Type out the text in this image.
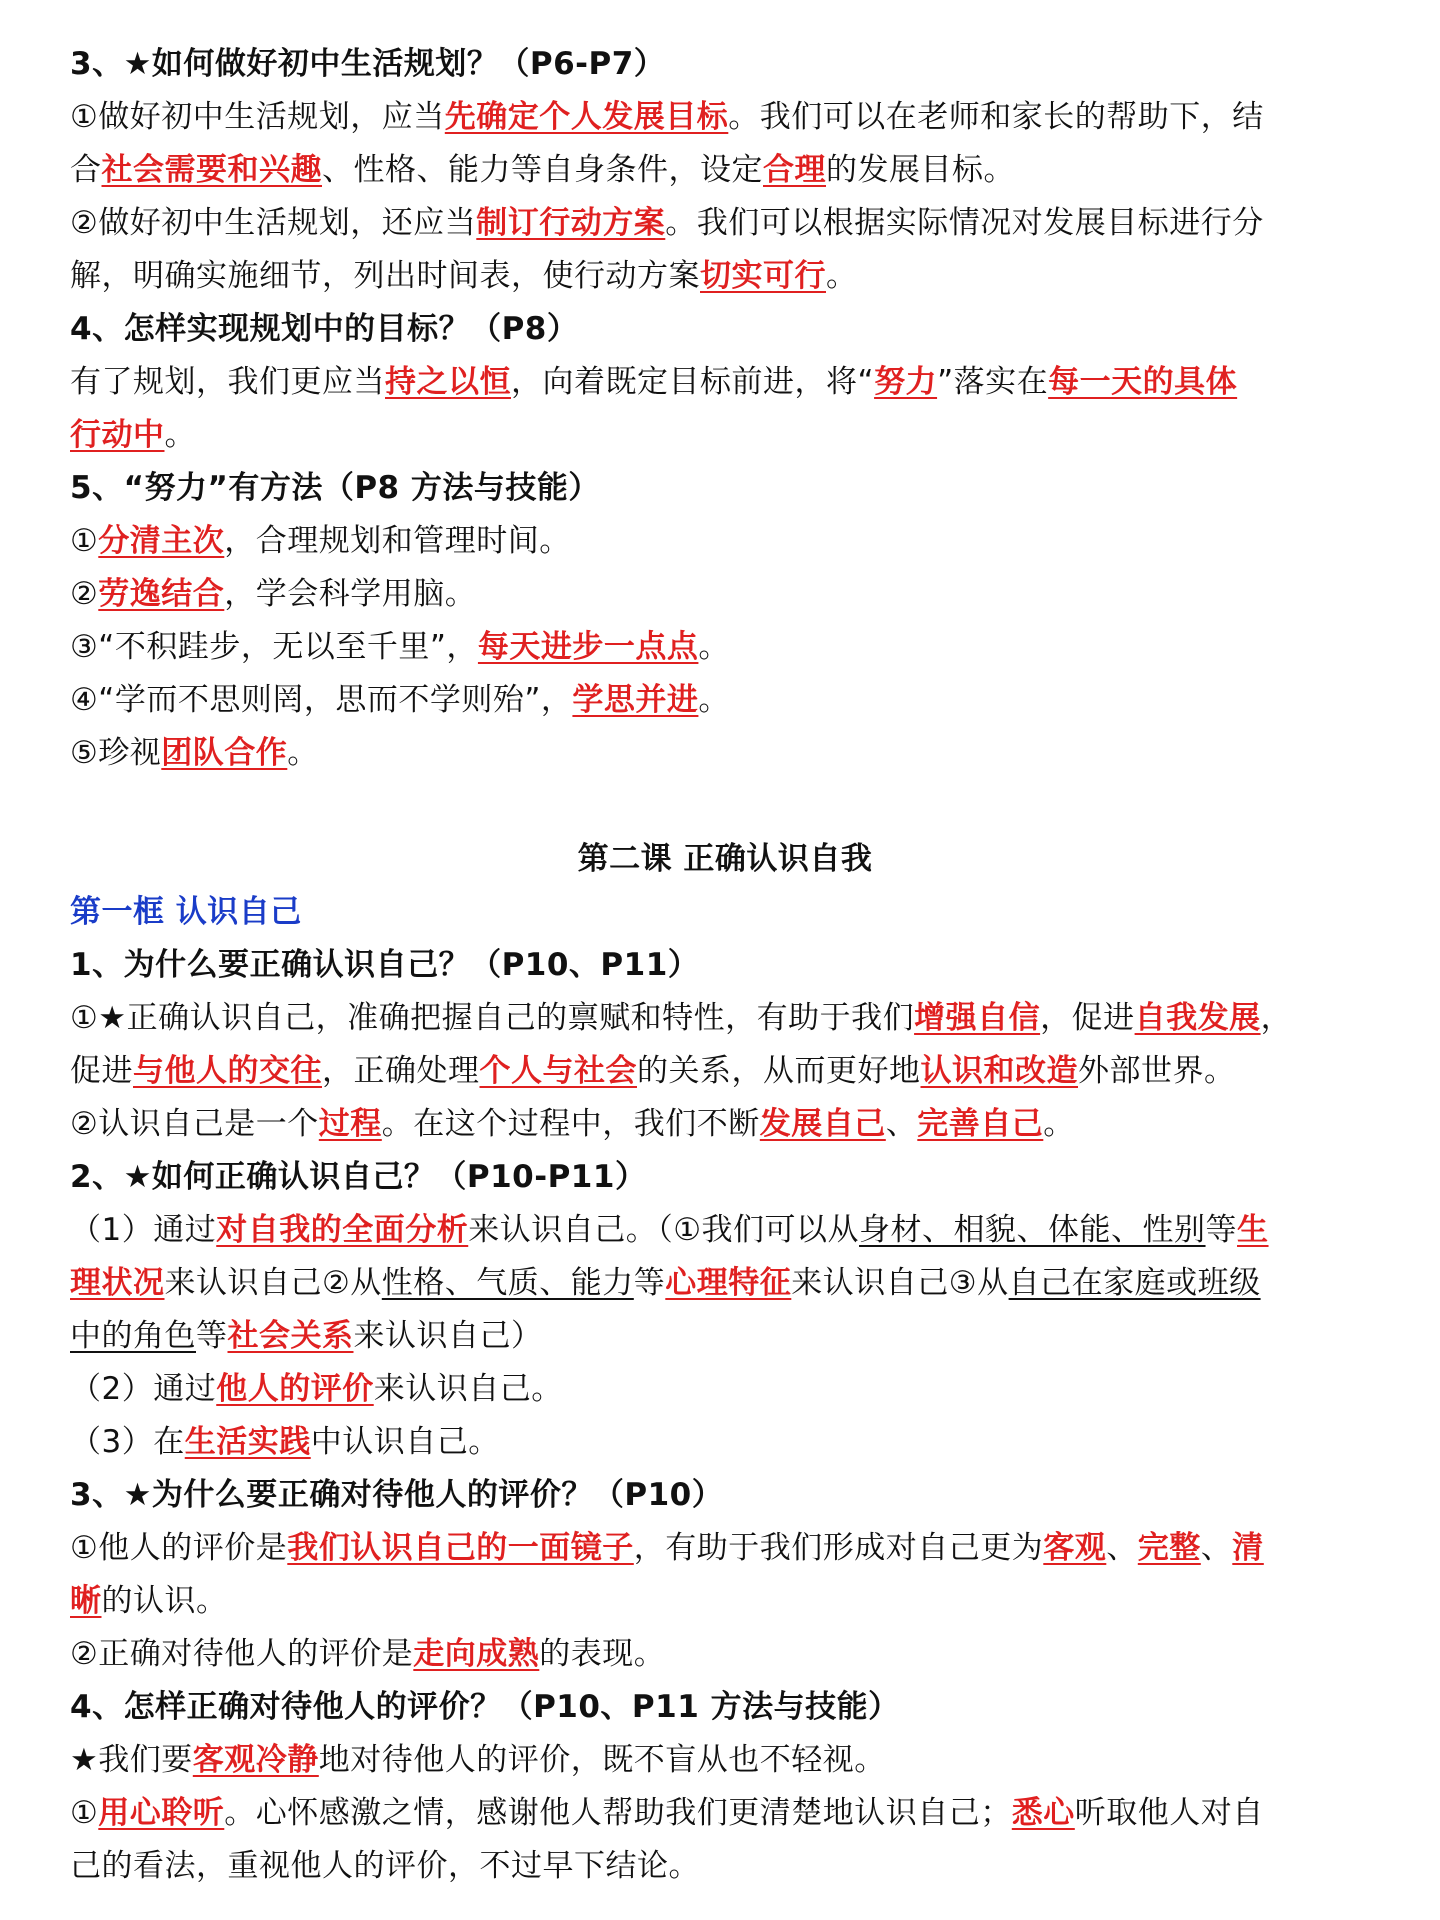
3、★如何做好初中生活规划？（P6-P7）
①做好初中生活规划，应当先确定个人发展目标。我们可以在老师和家长的帮助下，结
合社会需要和兴趣、性格、能力等自身条件，设定合理的发展目标。
②做好初中生活规划，还应当制订行动方案。我们可以根据实际情况对发展目标进行分
解，明确实施细节，列出时间表，使行动方案切实可行。
4、怎样实现规划中的目标？（P8）
有了规划，我们更应当持之以恒，向着既定目标前进，将“努力”落实在每一天的具体
行动中。
5、“努力”有方法（P8 方法与技能）
①分清主次，合理规划和管理时间。
②劳逸结合，学会科学用脑。
③“不积跬步，无以至千里”，每天进步一点点。
④“学而不思则罔，思而不学则殆”，学思并进。
⑤珍视团队合作。
第二课 正确认识自我
第一框 认识自己
1、为什么要正确认识自己？（P10、P11）
①★正确认识自己，准确把握自己的禀赋和特性，有助于我们增强自信，促进自我发展，
促进与他人的交往，正确处理个人与社会的关系，从而更好地认识和改造外部世界。
②认识自己是一个过程。在这个过程中，我们不断发展自己、完善自己。
2、★如何正确认识自己？（P10-P11）
（1）通过对自我的全面分析来认识自己。（①我们可以从身材、相貌、体能、性别等生
理状况来认识自己②从性格、气质、能力等心理特征来认识自己③从自己在家庭或班级
中的角色等社会关系来认识自己）
（2）通过他人的评价来认识自己。
（3）在生活实践中认识自己。
3、★为什么要正确对待他人的评价？（P10）
①他人的评价是我们认识自己的一面镜子，有助于我们形成对自己更为客观、完整、清
晰的认识。
②正确对待他人的评价是走向成熟的表现。
4、怎样正确对待他人的评价？（P10、P11 方法与技能）
★我们要客观冷静地对待他人的评价，既不盲从也不轻视。
①用心聆听。心怀感激之情，感谢他人帮助我们更清楚地认识自己；悉心听取他人对自
己的看法，重视他人的评价，不过早下结论。
